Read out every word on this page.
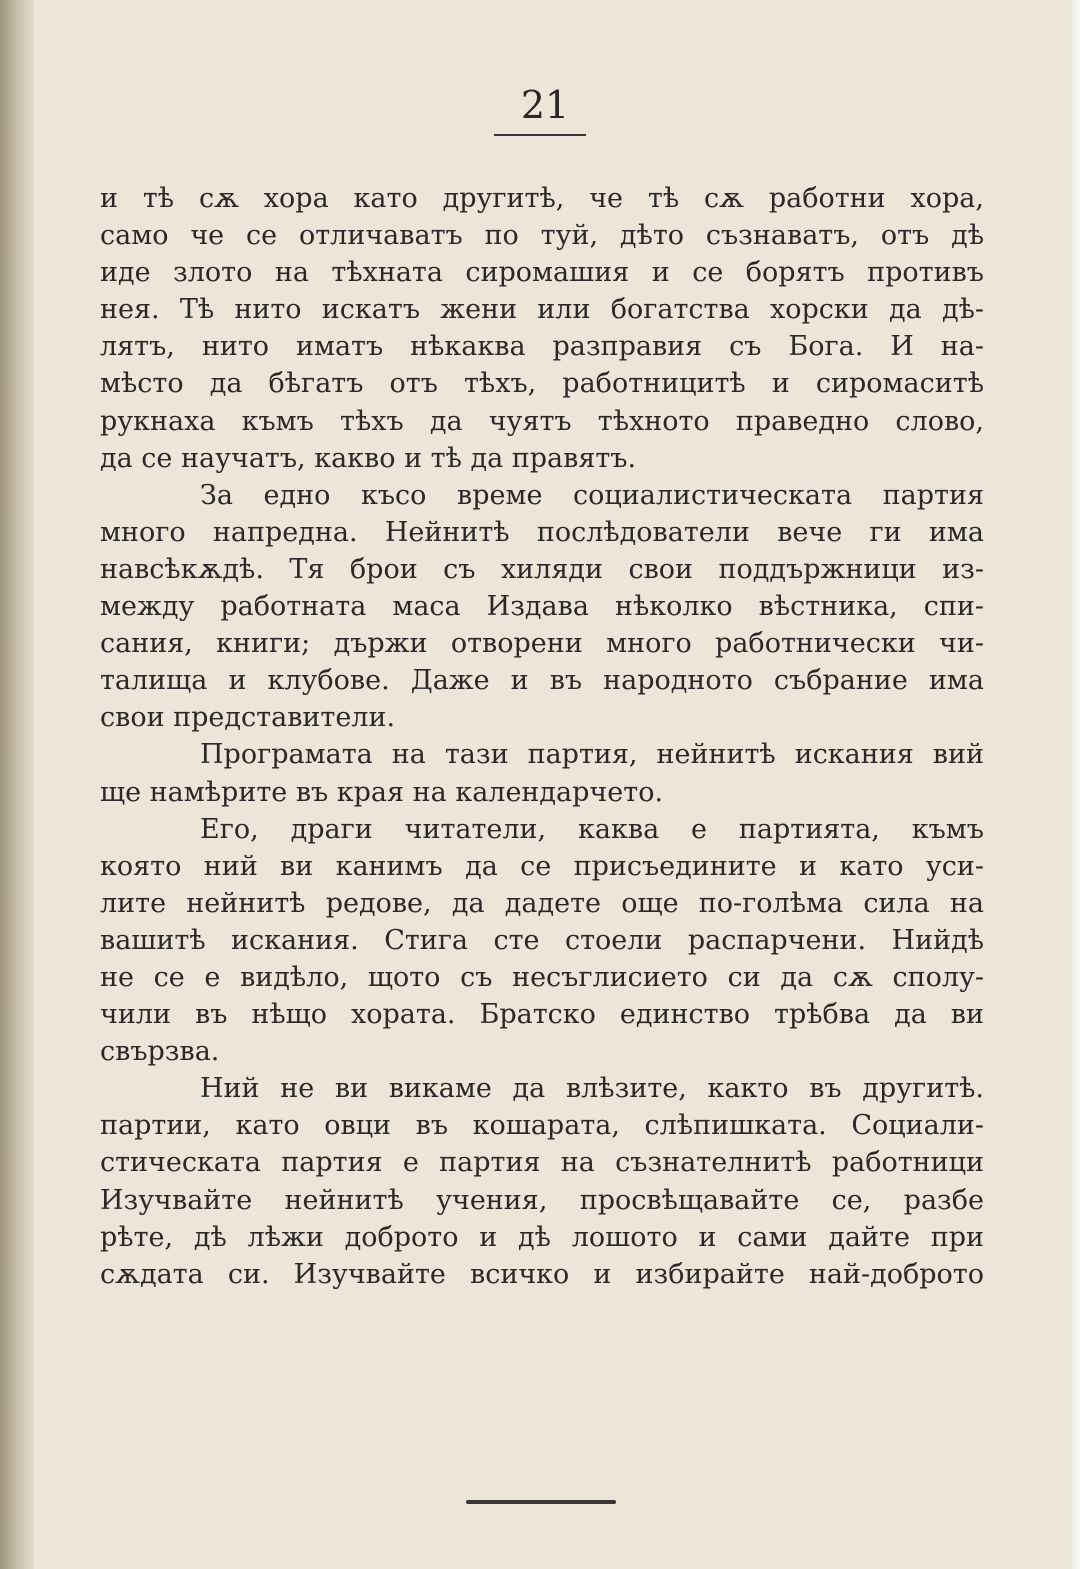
21
и тѣ сѫ хора като другитѣ, че тѣ сѫ работни хора,
само че се отличаватъ по туй, дѣто съзнаватъ, отъ дѣ
иде злото на тѣхната сиромашия и се борятъ противъ
нея. Тѣ нито искатъ жени или богатства хорски да дѣ-
лятъ, нито иматъ нѣкаква разправия съ Бога. И на-
мѣсто да бѣгатъ отъ тѣхъ, работницитѣ и сиромаситѣ
рукнаха къмъ тѣхъ да чуятъ тѣхното праведно слово,
да се научатъ, какво и тѣ да правятъ.
За едно късо време социалистическата партия
много напредна. Нейнитѣ послѣдователи вече ги има
навсѣкѫдѣ. Тя брои съ хиляди свои поддържници из-
между работната маса Издава нѣколко вѣстника, спи-
сания, книги; държи отворени много работнически чи-
талища и клубове. Даже и въ народното събрание има
свои представители.
Програмата на тази партия, нейнитѣ искания вий
ще намѣрите въ края на календарчето.
Его, драги читатели, каква е партията, къмъ
която ний ви канимъ да се присъедините и като уси-
лите нейнитѣ редове, да дадете още по-голѣма сила на
вашитѣ искания. Стига сте стоели распарчени. Нийдѣ
не се е видѣло, щото съ несъглисието си да сѫ сполу-
чили въ нѣщо хората. Братско единство трѣбва да ви
свързва.
Ний не ви викаме да влѣзите, както въ другитѣ.
партии, като овци въ кошарата, слѣпишката. Социали-
стическата партия е партия на съзнателнитѣ работници
Изучвайте нейнитѣ учения, просвѣщавайте се, разбе
рѣте, дѣ лѣжи доброто и дѣ лошото и сами дайте при
сѫдата си. Изучвайте всичко и избирайте най-доброто
